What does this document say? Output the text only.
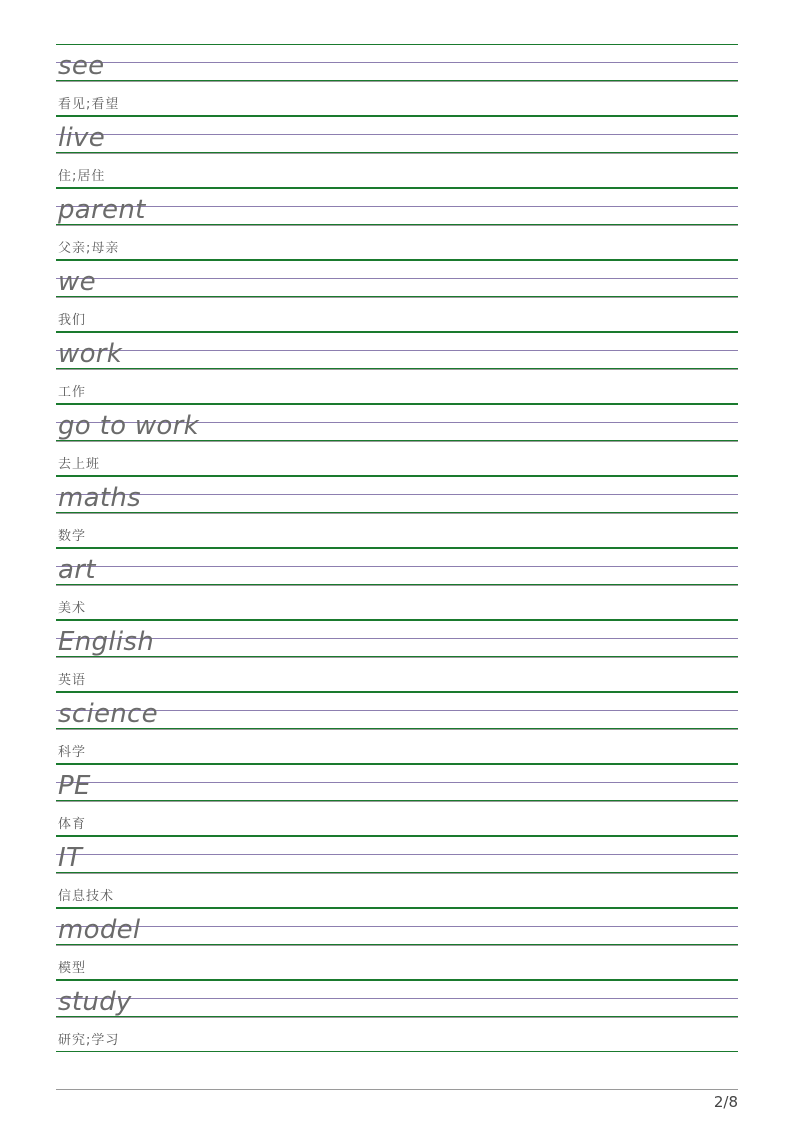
see
看见;看望
live
住;居住
parent
父亲;母亲
we
我们
work
工作
go to work
去上班
maths
数学
art
美术
English
英语
science
科学
PE
体育
IT
信息技术
model
模型
study
研究;学习
2/8
